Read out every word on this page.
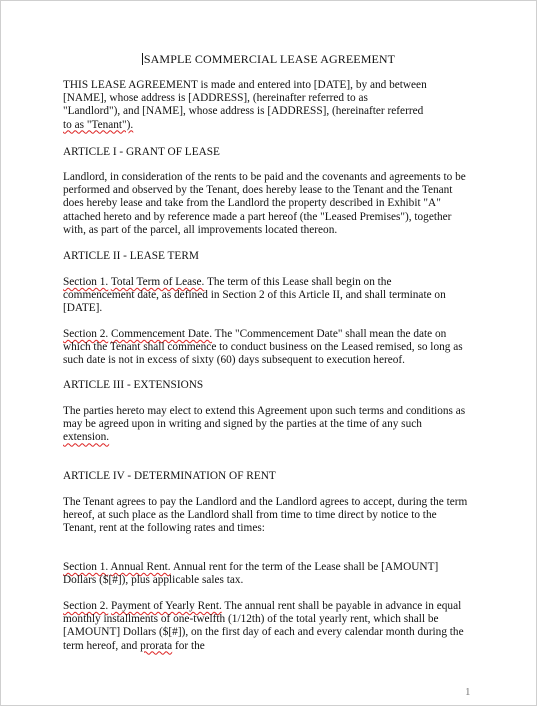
SAMPLE COMMERCIAL LEASE AGREEMENT

THIS LEASE AGREEMENT is made and entered into [DATE], by and between
[NAME], whose address is [ADDRESS], (hereinafter referred to as
"Landlord"), and [NAME], whose address is [ADDRESS], (hereinafter referred
to as "Tenant").

ARTICLE I - GRANT OF LEASE

Landlord, in consideration of the rents to be paid and the covenants and agreements to be
performed and observed by the Tenant, does hereby lease to the Tenant and the Tenant
does hereby lease and take from the Landlord the property described in Exhibit "A"
attached hereto and by reference made a part hereof (the "Leased Premises"), together
with, as part of the parcel, all improvements located thereon.

ARTICLE II - LEASE TERM

Section 1. Total Term of Lease. The term of this Lease shall begin on the
commencement date, as defined in Section 2 of this Article II, and shall terminate on
[DATE].

Section 2. Commencement Date. The "Commencement Date" shall mean the date on
which the Tenant shall commence to conduct business on the Leased remised, so long as
such date is not in excess of sixty (60) days subsequent to execution hereof.

ARTICLE III - EXTENSIONS

The parties hereto may elect to extend this Agreement upon such terms and conditions as
may be agreed upon in writing and signed by the parties at the time of any such
extension.

ARTICLE IV - DETERMINATION OF RENT

The Tenant agrees to pay the Landlord and the Landlord agrees to accept, during the term
hereof, at such place as the Landlord shall from time to time direct by notice to the
Tenant, rent at the following rates and times:

Section 1. Annual Rent. Annual rent for the term of the Lease shall be [AMOUNT]
Dollars ($[#]), plus applicable sales tax.

Section 2. Payment of Yearly Rent. The annual rent shall be payable in advance in equal
monthly installments of one-twelfth (1/12th) of the total yearly rent, which shall be
[AMOUNT] Dollars ($[#]), on the first day of each and every calendar month during the
term hereof, and prorata for the

1
